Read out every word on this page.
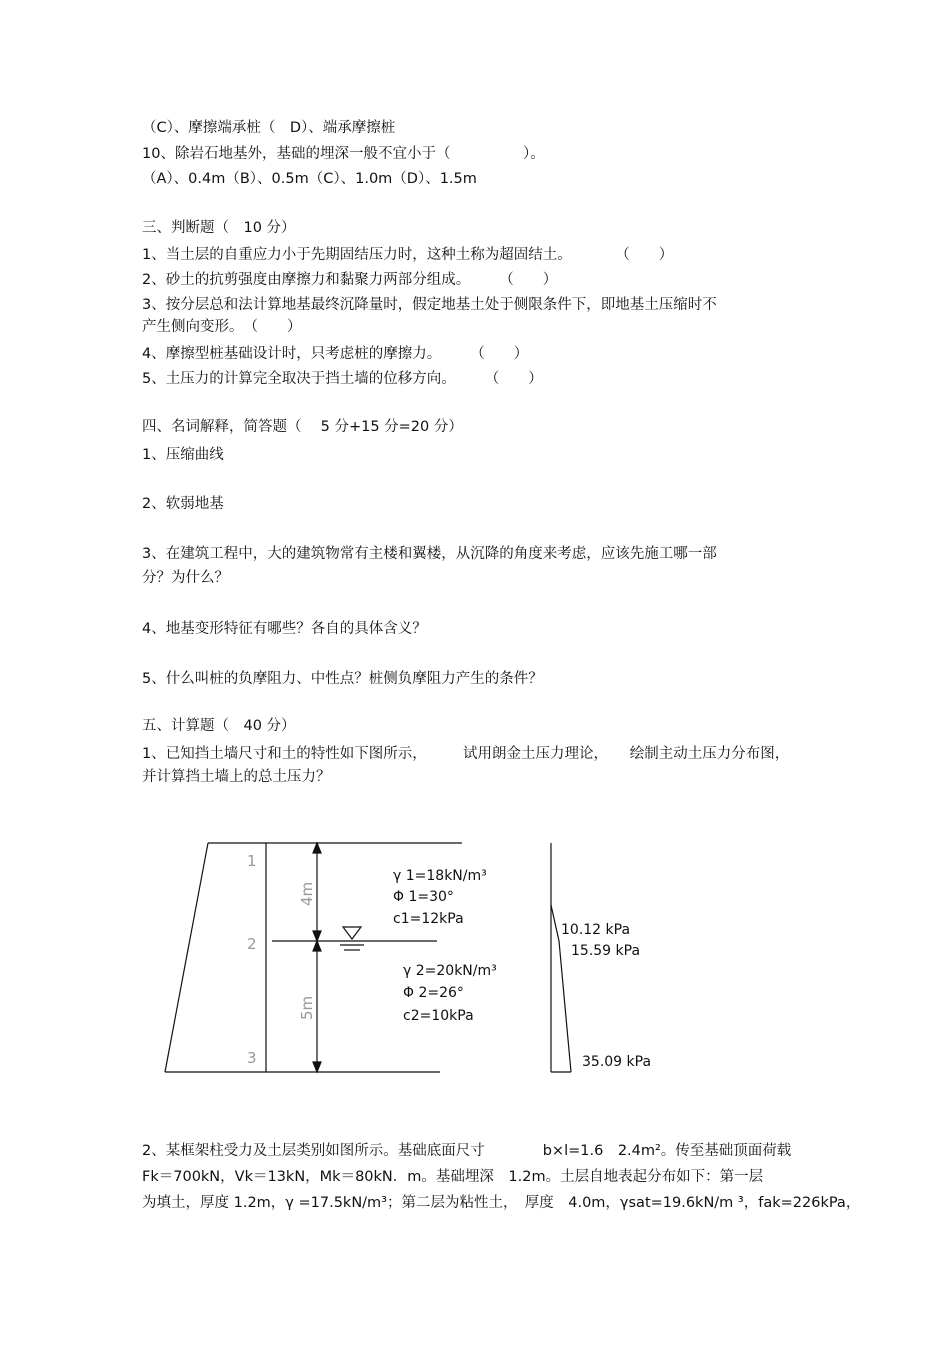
（C）、摩擦端承桩（　D）、端承摩擦桩
10、除岩石地基外，基础的埋深一般不宜小于（　　　　　）。
（A）、0.4m（B）、0.5m（C）、1.0m（D）、1.5m
三、判断题（　10 分）
1、当土层的自重应力小于先期固结压力时，这种土称为超固结土。　　　　（　　）
2、砂土的抗剪强度由摩擦力和黏聚力两部分组成。　　　（　　）
3、按分层总和法计算地基最终沉降量时，假定地基土处于侧限条件下，即地基土压缩时不
产生侧向变形。　（　　）
4、摩擦型桩基础设计时，只考虑桩的摩擦力。　　　（　　）
5、土压力的计算完全取决于挡土墙的位移方向。　　　（　　）
四、名词解释，简答题（　 5 分+15 分=20 分）
1、压缩曲线
2、软弱地基
3、在建筑工程中，大的建筑物常有主楼和翼楼，从沉降的角度来考虑，应该先施工哪一部
分？为什么？
4、地基变形特征有哪些？各自的具体含义？
5、什么叫桩的负摩阻力、中性点？桩侧负摩阻力产生的条件？
五、计算题（　40 分）
1、已知挡土墙尺寸和土的特性如下图所示，　　　试用朗金土压力理论，　　绘制主动土压力分布图，
并计算挡土墙上的总土压力？
1
2
3
4m
5m
γ 1=18kN/m³
Φ 1=30°
c1=12kPa
γ 2=20kN/m³
Φ 2=26°
c2=10kPa
10.12 kPa
15.59 kPa
35.09 kPa
2、某框架柱受力及土层类别如图所示。基础底面尺寸　　　　b×l=1.6　2.4m²。传至基础顶面荷载
Fk＝700kN，Vk＝13kN，Mk＝80kN．m。基础埋深　1.2m。土层自地表起分布如下：第一层
为填土，厚度 1.2m，γ =17.5kN/m³；第二层为粘性土，　厚度　4.0m，γsat=19.6kN/m ³，fak=226kPa，
